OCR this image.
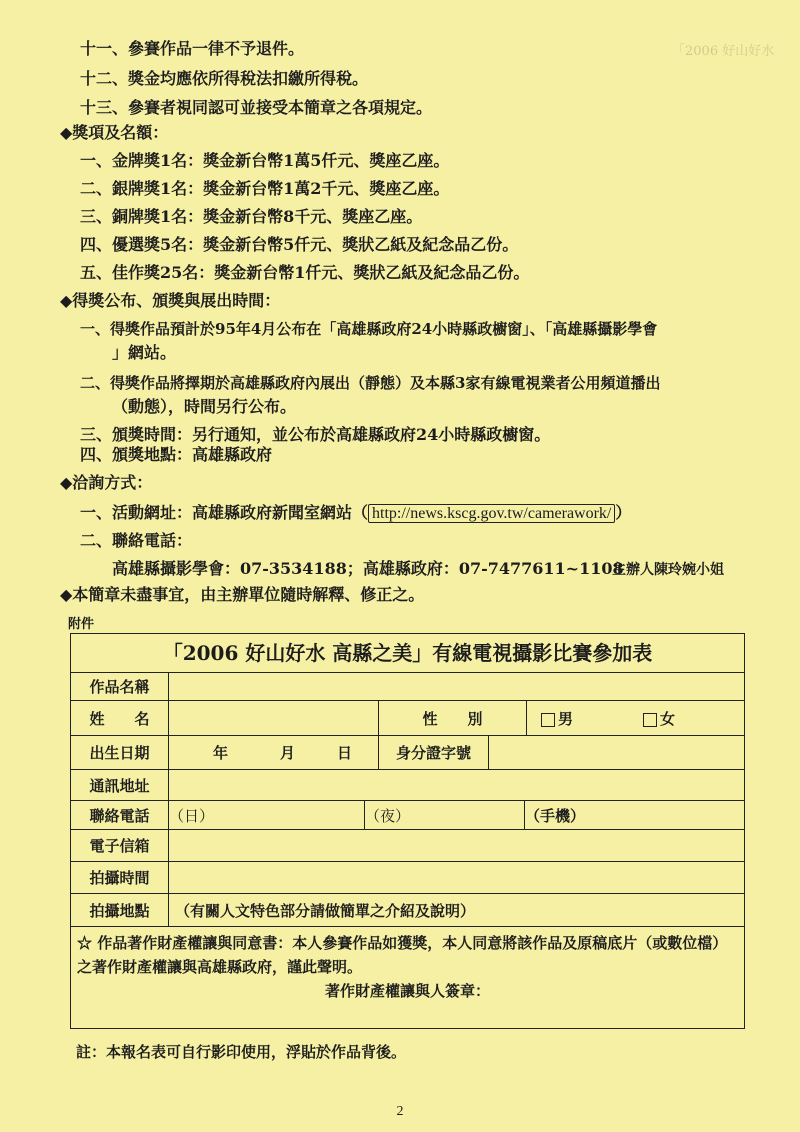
「2006 好山好水
十一、參賽作品一律不予退件。
十二、獎金均應依所得稅法扣繳所得稅。
十三、參賽者視同認可並接受本簡章之各項規定。
◆獎項及名額：
一、金牌獎1名：獎金新台幣1萬5仟元、獎座乙座。
二、銀牌獎1名：獎金新台幣1萬2千元、獎座乙座。
三、銅牌獎1名：獎金新台幣8千元、獎座乙座。
四、優選獎5名：獎金新台幣5仟元、獎狀乙紙及紀念品乙份。
五、佳作獎25名：獎金新台幣1仟元、獎狀乙紙及紀念品乙份。
◆得獎公布、頒獎與展出時間：
一、得獎作品預計於95年4月公布在「高雄縣政府24小時縣政櫥窗」、「高雄縣攝影學會
」網站。
二、得獎作品將擇期於高雄縣政府內展出（靜態）及本縣3家有線電視業者公用頻道播出
（動態），時間另行公布。
三、頒獎時間：另行通知，並公布於高雄縣政府24小時縣政櫥窗。
四、頒獎地點：高雄縣政府
◆洽詢方式：
一、活動網址：高雄縣政府新聞室網站（ http://news.kscg.gov.tw/camerawork/ ）
二、聯絡電話：
高雄縣攝影學會：07-3534188；高雄縣政府：07-7477611~1108
主辦人陳玲婉小姐
◆本簡章未盡事宜，由主辦單位隨時解釋、修正之。
附件
「2006 好山好水 高縣之美」有線電視攝影比賽參加表
作品名稱
姓　　名	性　　別	男	女
出生日期	年	月	日	身分證字號
通訊地址
聯絡電話	（日）	（夜）	（手機）
電子信箱
拍攝時間
拍攝地點	（有關人文特色部分請做簡單之介紹及說明）
☆ 作品著作財產權讓與同意書：本人參賽作品如獲獎，本人同意將該作品及原稿底片（或數位檔）之著作財產權讓與高雄縣政府，謹此聲明。
著作財產權讓與人簽章：
註：本報名表可自行影印使用，浮貼於作品背後。
2
